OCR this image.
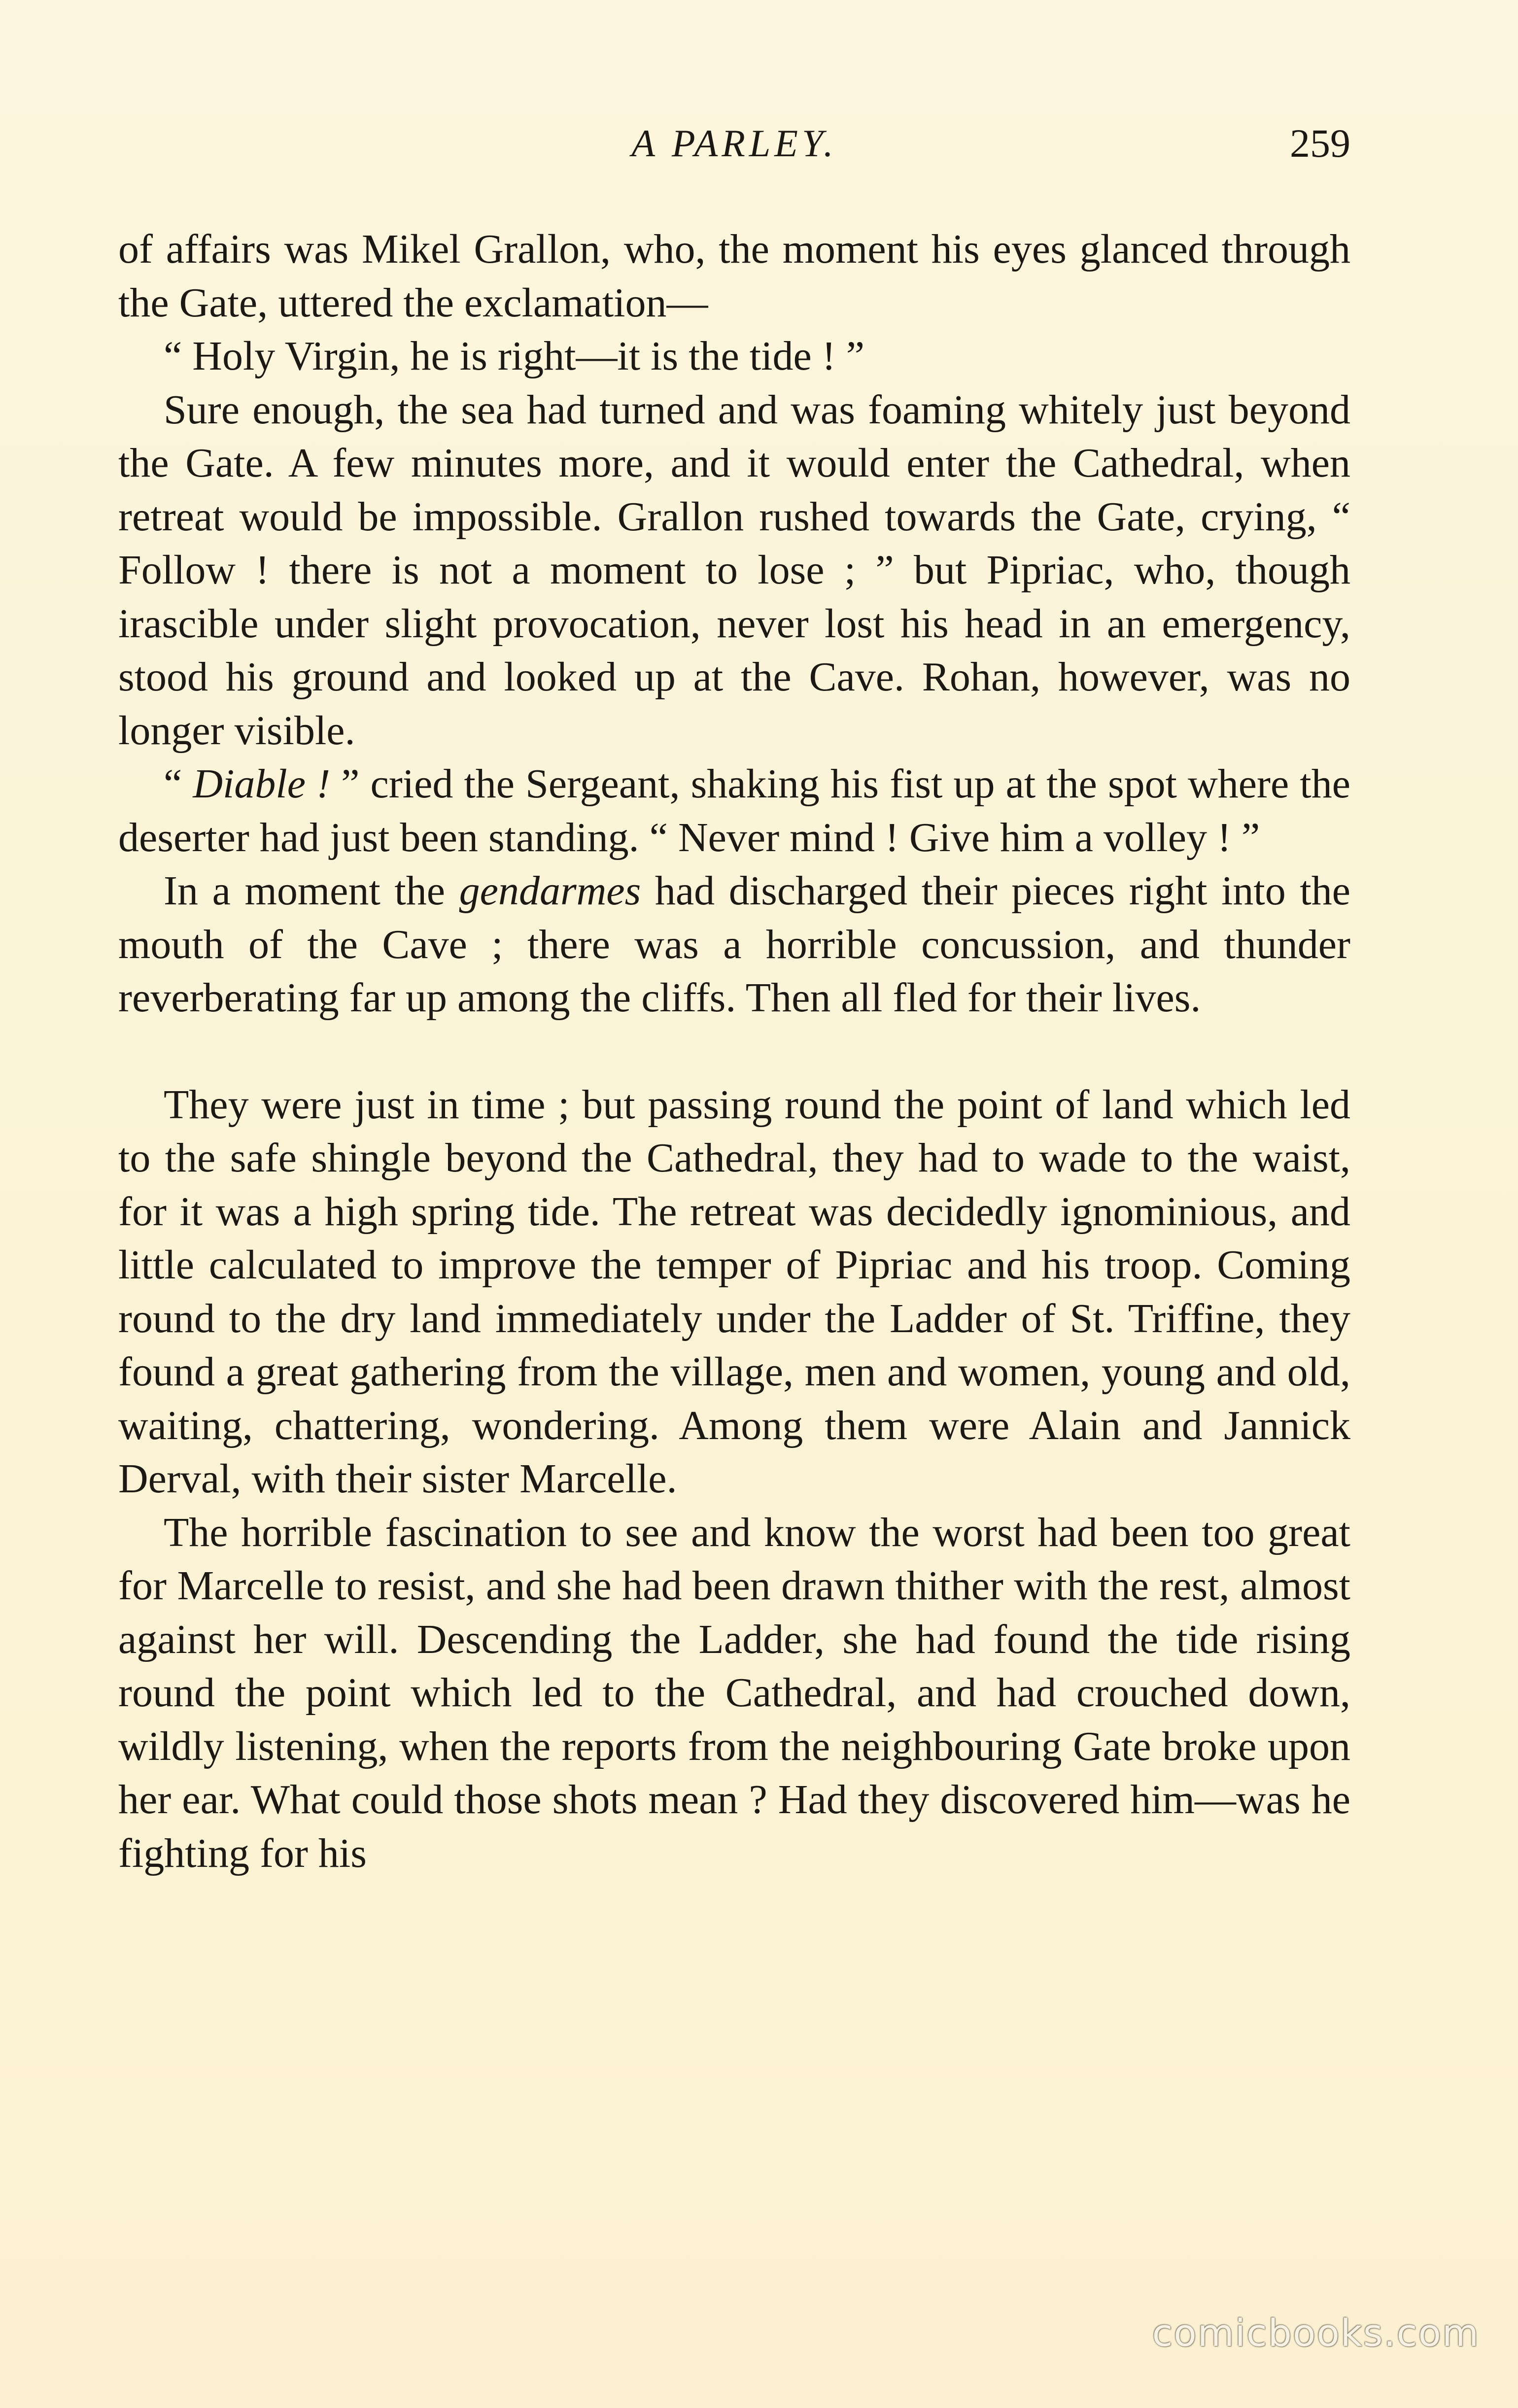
A PARLEY.	259

of affairs was Mikel Grallon, who, the moment his eyes glanced through the Gate, uttered the exclamation—

“ Holy Virgin, he is right—it is the tide ! ”

Sure enough, the sea had turned and was foaming whitely just beyond the Gate. A few minutes more, and it would enter the Cathedral, when retreat would be impossible. Grallon rushed towards the Gate, crying, “ Follow ! there is not a moment to lose ; ” but Pipriac, who, though irascible under slight provocation, never lost his head in an emergency, stood his ground and looked up at the Cave. Rohan, however, was no longer visible.

“ Diable ! ” cried the Sergeant, shaking his fist up at the spot where the deserter had just been standing. “ Never mind ! Give him a volley ! ”

In a moment the gendarmes had discharged their pieces right into the mouth of the Cave ; there was a horrible concussion, and thunder reverberating far up among the cliffs. Then all fled for their lives.

They were just in time ; but passing round the point of land which led to the safe shingle beyond the Cathedral, they had to wade to the waist, for it was a high spring tide. The retreat was decidedly ignominious, and little calculated to improve the temper of Pipriac and his troop. Coming round to the dry land immediately under the Ladder of St. Triffine, they found a great gathering from the village, men and women, young and old, waiting, chattering, wondering. Among them were Alain and Jannick Derval, with their sister Marcelle.

The horrible fascination to see and know the worst had been too great for Marcelle to resist, and she had been drawn thither with the rest, almost against her will. Descending the Ladder, she had found the tide rising round the point which led to the Cathedral, and had crouched down, wildly listening, when the reports from the neighbouring Gate broke upon her ear. What could those shots mean ? Had they discovered him—was he fighting for his

comicbooks.com
